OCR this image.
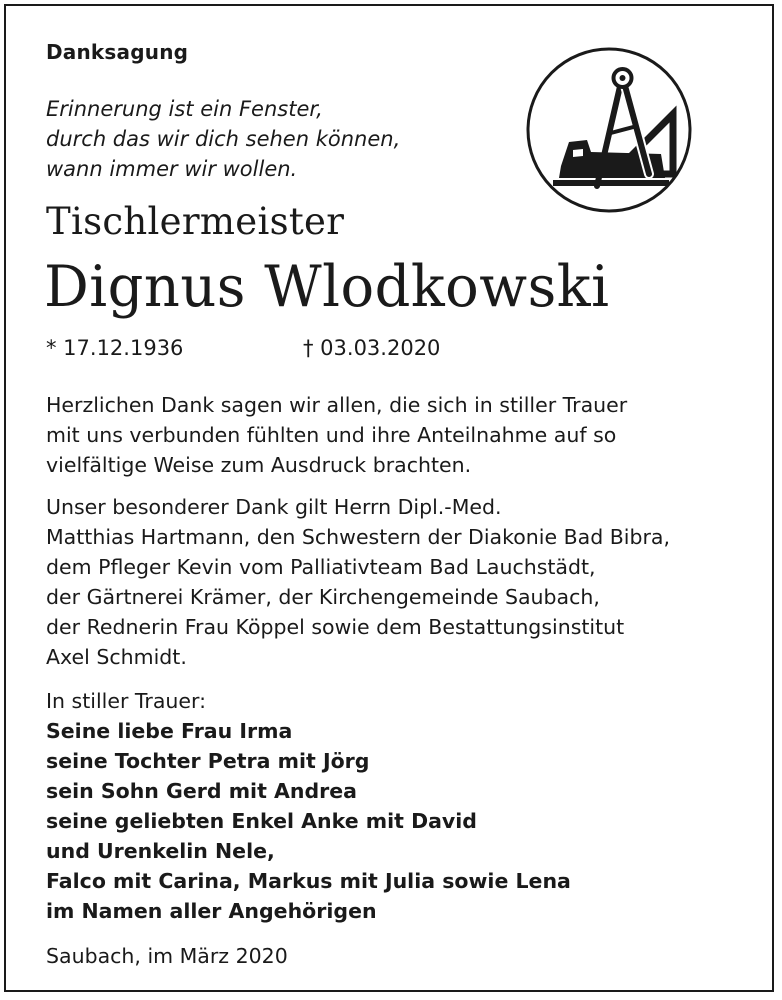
Danksagung
Erinnerung ist ein Fenster,
durch das wir dich sehen können,
wann immer wir wollen.
Tischlermeister
Dignus Wlodkowski
* 17.12.1936	† 03.03.2020
Herzlichen Dank sagen wir allen, die sich in stiller Trauer
mit uns verbunden fühlten und ihre Anteilnahme auf so
vielfältige Weise zum Ausdruck brachten.
Unser besonderer Dank gilt Herrn Dipl.-Med.
Matthias Hartmann, den Schwestern der Diakonie Bad Bibra,
dem Pfleger Kevin vom Palliativteam Bad Lauchstädt,
der Gärtnerei Krämer, der Kirchengemeinde Saubach,
der Rednerin Frau Köppel sowie dem Bestattungsinstitut
Axel Schmidt.
In stiller Trauer:
Seine liebe Frau Irma
seine Tochter Petra mit Jörg
sein Sohn Gerd mit Andrea
seine geliebten Enkel Anke mit David
und Urenkelin Nele,
Falco mit Carina, Markus mit Julia sowie Lena
im Namen aller Angehörigen
Saubach, im März 2020
